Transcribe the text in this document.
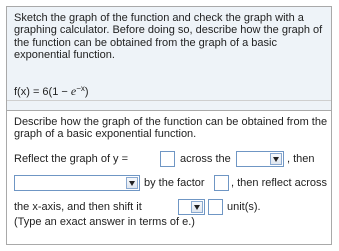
Sketch the graph of the function and check the graph with a graphing calculator. Before doing so, describe how the graph of the function can be obtained from the graph of a basic exponential function.
$f(x) = 6(1 - e^{-x})$
Describe how the graph of the function can be obtained from the graph of a basic exponential function.
Reflect the graph of y =	across the	, then
by the factor , then reflect across
the x-axis, and then shift it	unit(s).
(Type an exact answer in terms of e.)
